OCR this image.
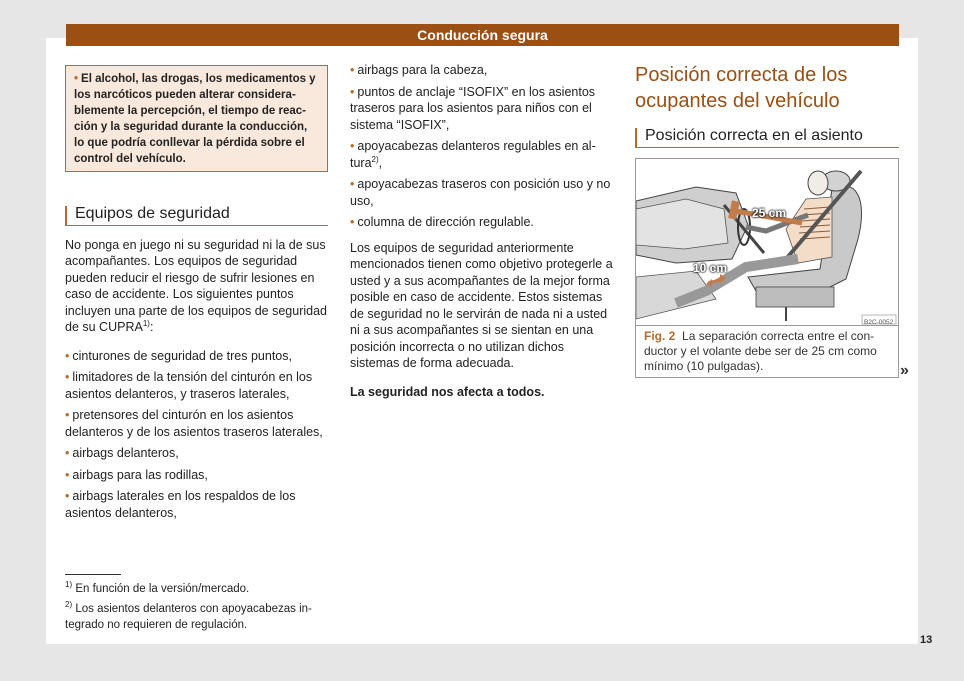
Conducción segura
• El alcohol, las drogas, los medicamentos y los narcóticos pueden alterar considerablemente la percepción, el tiempo de reacción y la seguridad durante la conducción, lo que podría conllevar la pérdida sobre el control del vehículo.
Equipos de seguridad

No ponga en juego ni su seguridad ni la de sus acompañantes. Los equipos de seguridad pueden reducir el riesgo de sufrir lesiones en caso de accidente. Los siguientes puntos incluyen una parte de los equipos de seguridad de su CUPRA$^{1)}$:

• cinturones de seguridad de tres puntos,
• limitadores de la tensión del cinturón en los asientos delanteros, y traseros laterales,
• pretensores del cinturón en los asientos delanteros y de los asientos traseros laterales,
• airbags delanteros,
• airbags para las rodillas,
• airbags laterales en los respaldos de los asientos delanteros,
$^{1)}$ En función de la versión/mercado.
$^{2)}$ Los asientos delanteros con apoyacabezas integrado no requieren de regulación.
• airbags para la cabeza,
• puntos de anclaje “ISOFIX” en los asientos traseros para los asientos para niños con el sistema “ISOFIX”,
• apoyacabezas delanteros regulables en altura$^{2)}$,
• apoyacabezas traseros con posición uso y no uso,
• columna de dirección regulable.

Los equipos de seguridad anteriormente mencionados tienen como objetivo protegerle a usted y a sus acompañantes de la mejor forma posible en caso de accidente. Estos sistemas de seguridad no le servirán de nada ni a usted ni a sus acompañantes si se sientan en una posición incorrecta o no utilizan dichos sistemas de forma adecuada.

La seguridad nos afecta a todos.

Posición correcta de los ocupantes del vehículo
Posición correcta en el asiento
25 cm
10 cm
B2C-0052
Fig. 2 La separación correcta entre el conductor y el volante debe ser de 25 cm como mínimo (10 pulgadas).	»
13
